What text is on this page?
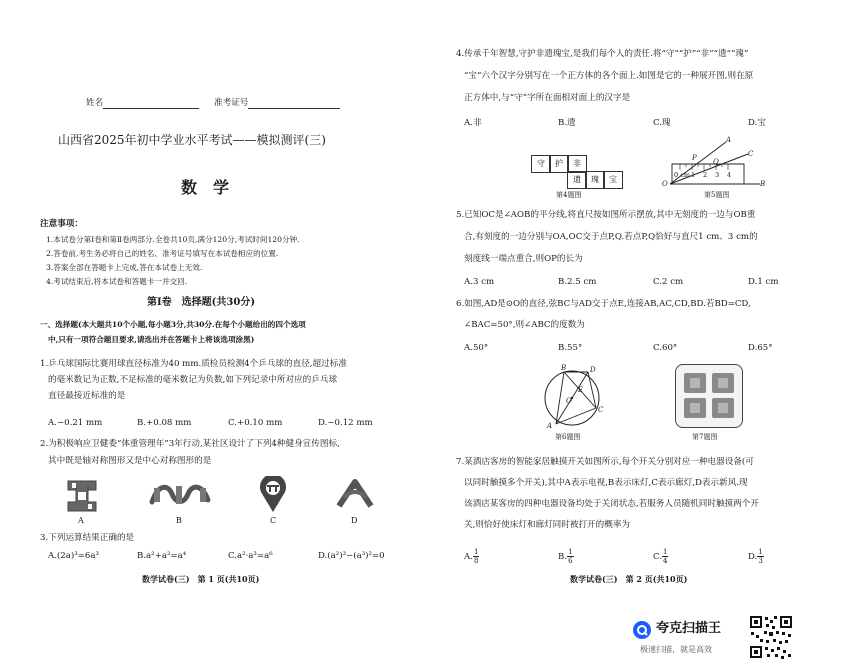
姓名	准考证号
山西省2025年初中学业水平考试——模拟测评(三)
数　学
注意事项：
1.本试卷分第Ⅰ卷和第Ⅱ卷两部分.全卷共10页,满分120分,考试时间120分钟.
2.答卷前,考生务必将自己的姓名、准考证号填写在本试卷相应的位置.
3.答案全部在答题卡上完成,答在本试卷上无效.
4.考试结束后,将本试卷和答题卡一并交回.
第Ⅰ卷　选择题(共30分)
一、选择题(本大题共10个小题,每小题3分,共30分.在每个小题给出的四个选项
中,只有一项符合题目要求,请选出并在答题卡上将该选项涂黑)
1.乒乓球国际比赛用球直径标准为40 mm.质检员检测4个乒乓球的直径,超过标准
的毫米数记为正数,不足标准的毫米数记为负数,如下列记录中所对应的乒乓球
直径最接近标准的是
A.−0.21 mm	B.+0.08 mm	C.+0.10 mm	D.−0.12 mm
2.为积极响应卫健委“体重管理年”3年行动,某社区设计了下列4种健身宣传图标,
其中既是轴对称图形又是中心对称图形的是
A	B	C	D
3.下列运算结果正确的是
A.(2a)³=6a³	B.a²+a²=a⁴	C.a²·a³=a⁶	D.(a²)³−(a³)²=0
数学试卷(三)　第 1 页(共10页)
4.传承千年智慧,守护非遗瑰宝,是我们每个人的责任.将“守”“护”“非”“遗”“瑰”
“宝”六个汉字分别写在一个正方体的各个面上.如图是它的一种展开图,则在原
正方体中,与“守”字所在面相对面上的汉字是
A.非	B.遗	C.瑰	D.宝
守	护	非
遗	瑰	宝
第4题图
A
C
P Q
O	B
0 cm 1 2 3 4
第5题图
5.已知OC是∠AOB的平分线,将直尺按如图所示摆放,其中无刻度的一边与OB重
合,有刻度的一边分别与OA,OC交于点P,Q.若点P,Q恰好与直尺1 cm、3 cm的
刻度线一端点重合,则OP的长为
A.3 cm	B.2.5 cm	C.2 cm	D.1 cm
6.如图,AD是⊙O的直径,弦BC与AD交于点E,连接AB,AC,CD,BD.若BD=CD,
∠BAC=50°,则∠ABC的度数为
A.50°	B.55°	C.60°	D.65°
B	D
O
E
C
A
第6题图	第7题图
7.某酒店客房的智能家居触摸开关如图所示,每个开关分别对应一种电器设备(可
以同时触摸多个开关),其中A表示电视,B表示床灯,C表示廊灯,D表示新风.现
该酒店某客房的四种电器设备均处于关闭状态,若服务人员随机同时触摸两个开
关,则恰好使床灯和廊灯同时被打开的概率为
A. $\frac{1}{8}$	B. $\frac{1}{6}$	C. $\frac{1}{4}$	D. $\frac{1}{3}$
数学试卷(三)　第 2 页(共10页)
夸克扫描王
极速扫描，就是高效
